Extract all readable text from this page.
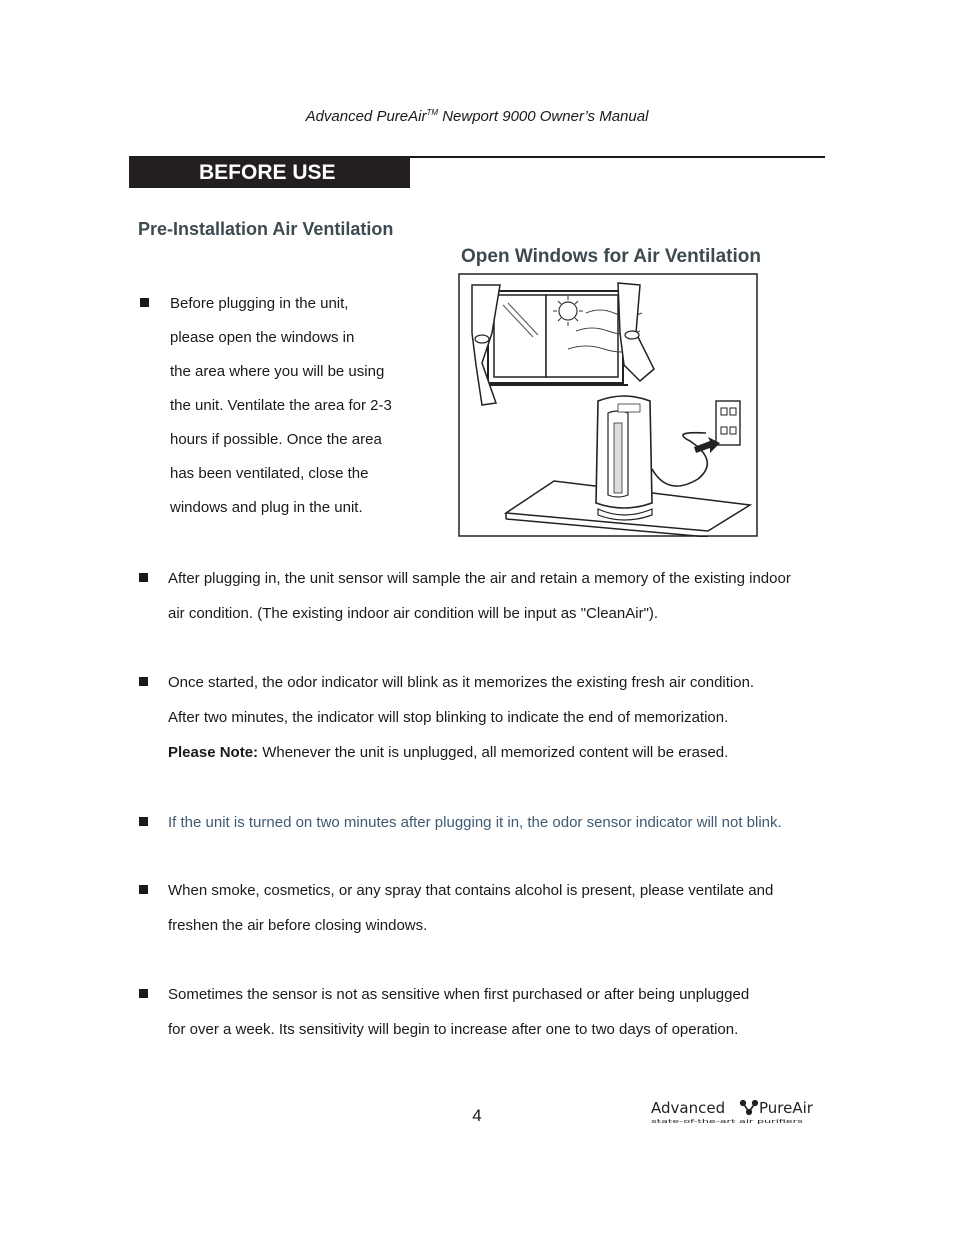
Advanced PureAir™ Newport 9000 Owner’s Manual
BEFORE USE
Pre-Installation Air Ventilation
Open Windows for Air Ventilation
Before plugging in the unit,
please open the windows in
the area where you will be using
the unit. Ventilate the area for 2-3
hours if possible. Once the area
has been ventilated, close the
windows and plug in the unit.
After plugging in, the unit sensor will sample the air and retain a memory of the existing indoor
air condition. (The existing indoor air condition will be input as "CleanAir").
Once started, the odor indicator will blink as it memorizes the existing fresh air condition.
After two minutes, the indicator will stop blinking to indicate the end of memorization.
Please Note: Whenever the unit is unplugged, all memorized content will be erased.
If the unit is turned on two minutes after plugging it in, the odor sensor indicator will not blink.
When smoke, cosmetics, or any spray that contains alcohol is present, please ventilate and
freshen the air before closing windows.
Sometimes the sensor is not as sensitive when first purchased or after being unplugged
for over a week. Its sensitivity will begin to increase after one to two days of operation.
4	Advanced PureAir
state-of-the-art air purifiers
